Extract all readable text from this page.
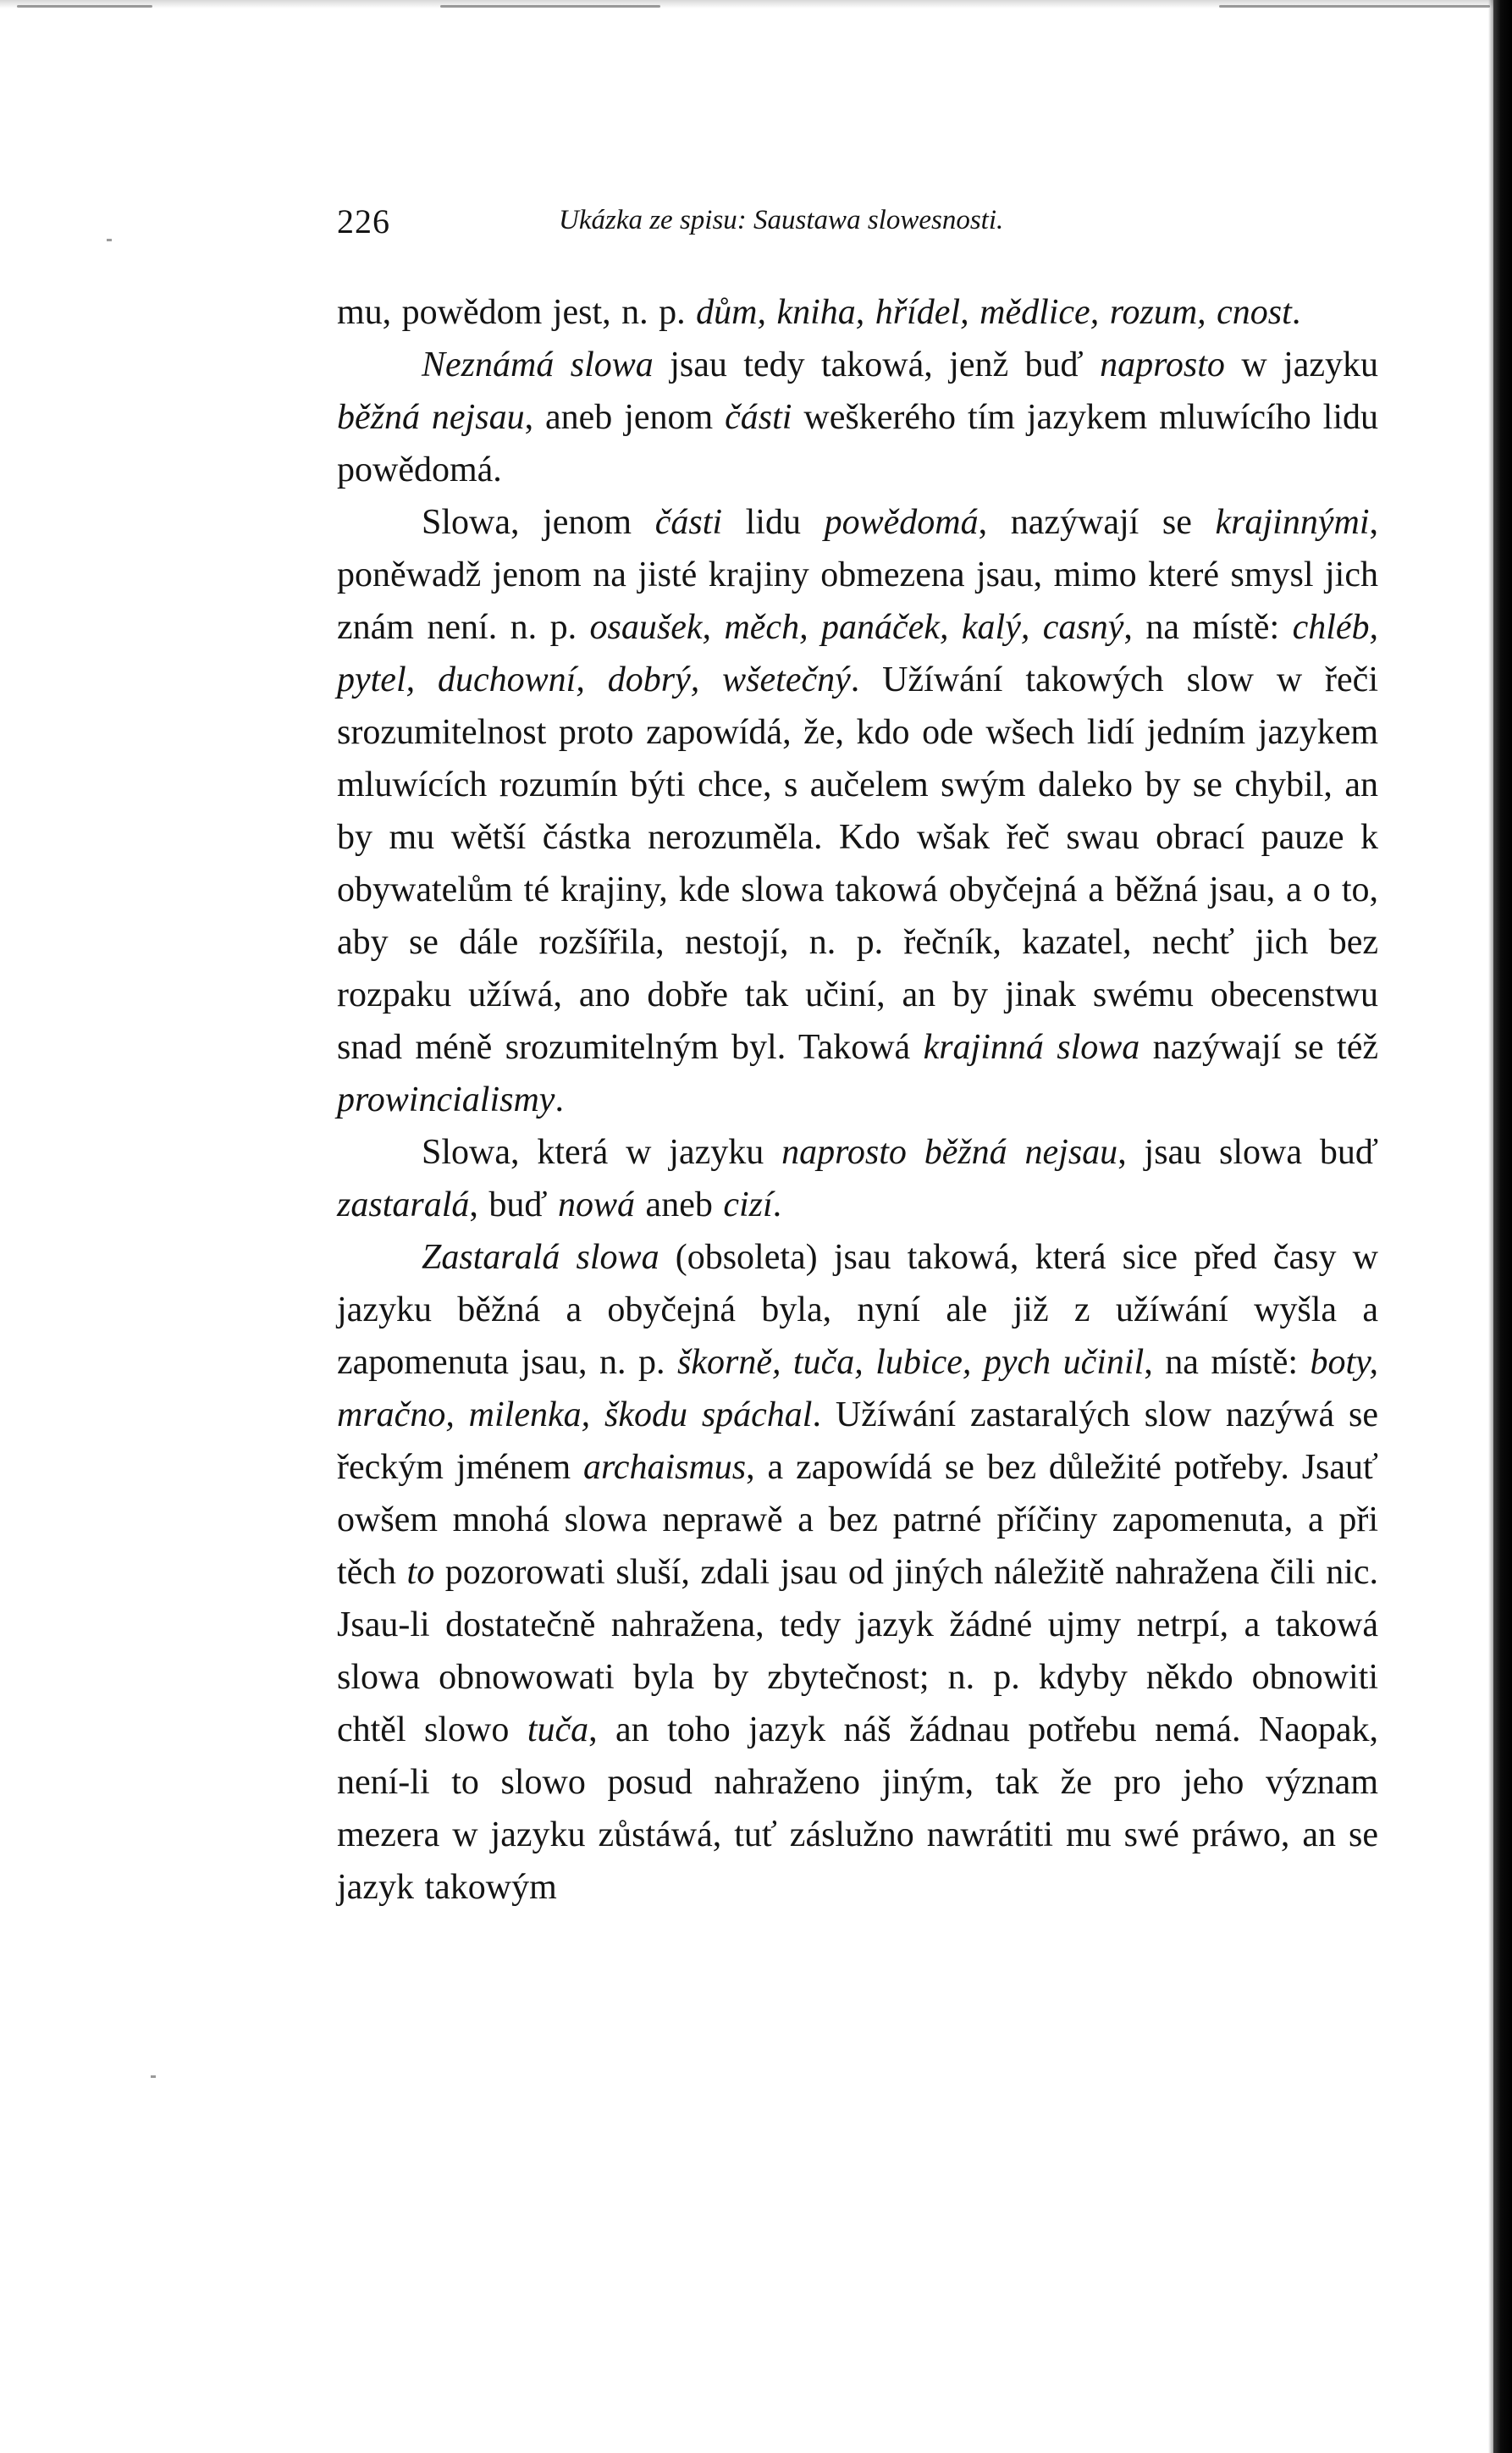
226	Ukázka ze spisu: Saustawa slowesnosti.

mu, powědom jest, n. p. dům, kniha, hřídel, mědlice, rozum, cnost.

Neznámá slowa jsau tedy takowá, jenž buď naprosto w jazyku běžná nejsau, aneb jenom části weškerého tím jazykem mluwícího lidu powědomá.

Slowa, jenom části lidu powědomá, nazýwají se krajinnými, poněwadž jenom na jisté krajiny obmezena jsau, mimo které smysl jich znám není. n. p. osaušek, měch, panáček, kalý, casný, na místě: chléb, pytel, duchowní, dobrý, wšetečný. Užíwání takowých slow w řeči srozumitelnost proto zapowídá, že, kdo ode wšech lidí jedním jazykem mluwících rozumín býti chce, s aučelem swým daleko by se chybil, an by mu wětší částka nerozuměla. Kdo wšak řeč swau obrací pauze k obywatelům té krajiny, kde slowa takowá obyčejná a běžná jsau, a o to, aby se dále rozšířila, nestojí, n. p. řečník, kazatel, nechť jich bez rozpaku užíwá, ano dobře tak učiní, an by jinak swému obecenstwu snad méně srozumitelným byl. Takowá krajinná slowa nazýwají se též prowincialismy.

Slowa, která w jazyku naprosto běžná nejsau, jsau slowa buď zastaralá, buď nowá aneb cizí.

Zastaralá slowa (obsoleta) jsau takowá, která sice před časy w jazyku běžná a obyčejná byla, nyní ale již z užíwání wyšla a zapomenuta jsau, n. p. škorně, tuča, lubice, pych učinil, na místě: boty, mračno, milenka, škodu spáchal. Užíwání zastaralých slow nazýwá se řeckým jménem archaismus, a zapowídá se bez důležité potřeby. Jsauť owšem mnohá slowa neprawě a bez patrné příčiny zapomenuta, a při těch to pozorowati sluší, zdali jsau od jiných náležitě nahražena čili nic. Jsau-li dostatečně nahražena, tedy jazyk žádné ujmy netrpí, a takowá slowa obnowowati byla by zbytečnost; n. p. kdyby někdo obnowiti chtěl slowo tuča, an toho jazyk náš žádnau potřebu nemá. Naopak, není-li to slowo posud nahraženo jiným, tak že pro jeho význam mezera w jazyku zůstáwá, tuť záslužno nawrátiti mu swé práwo, an se jazyk takowým
